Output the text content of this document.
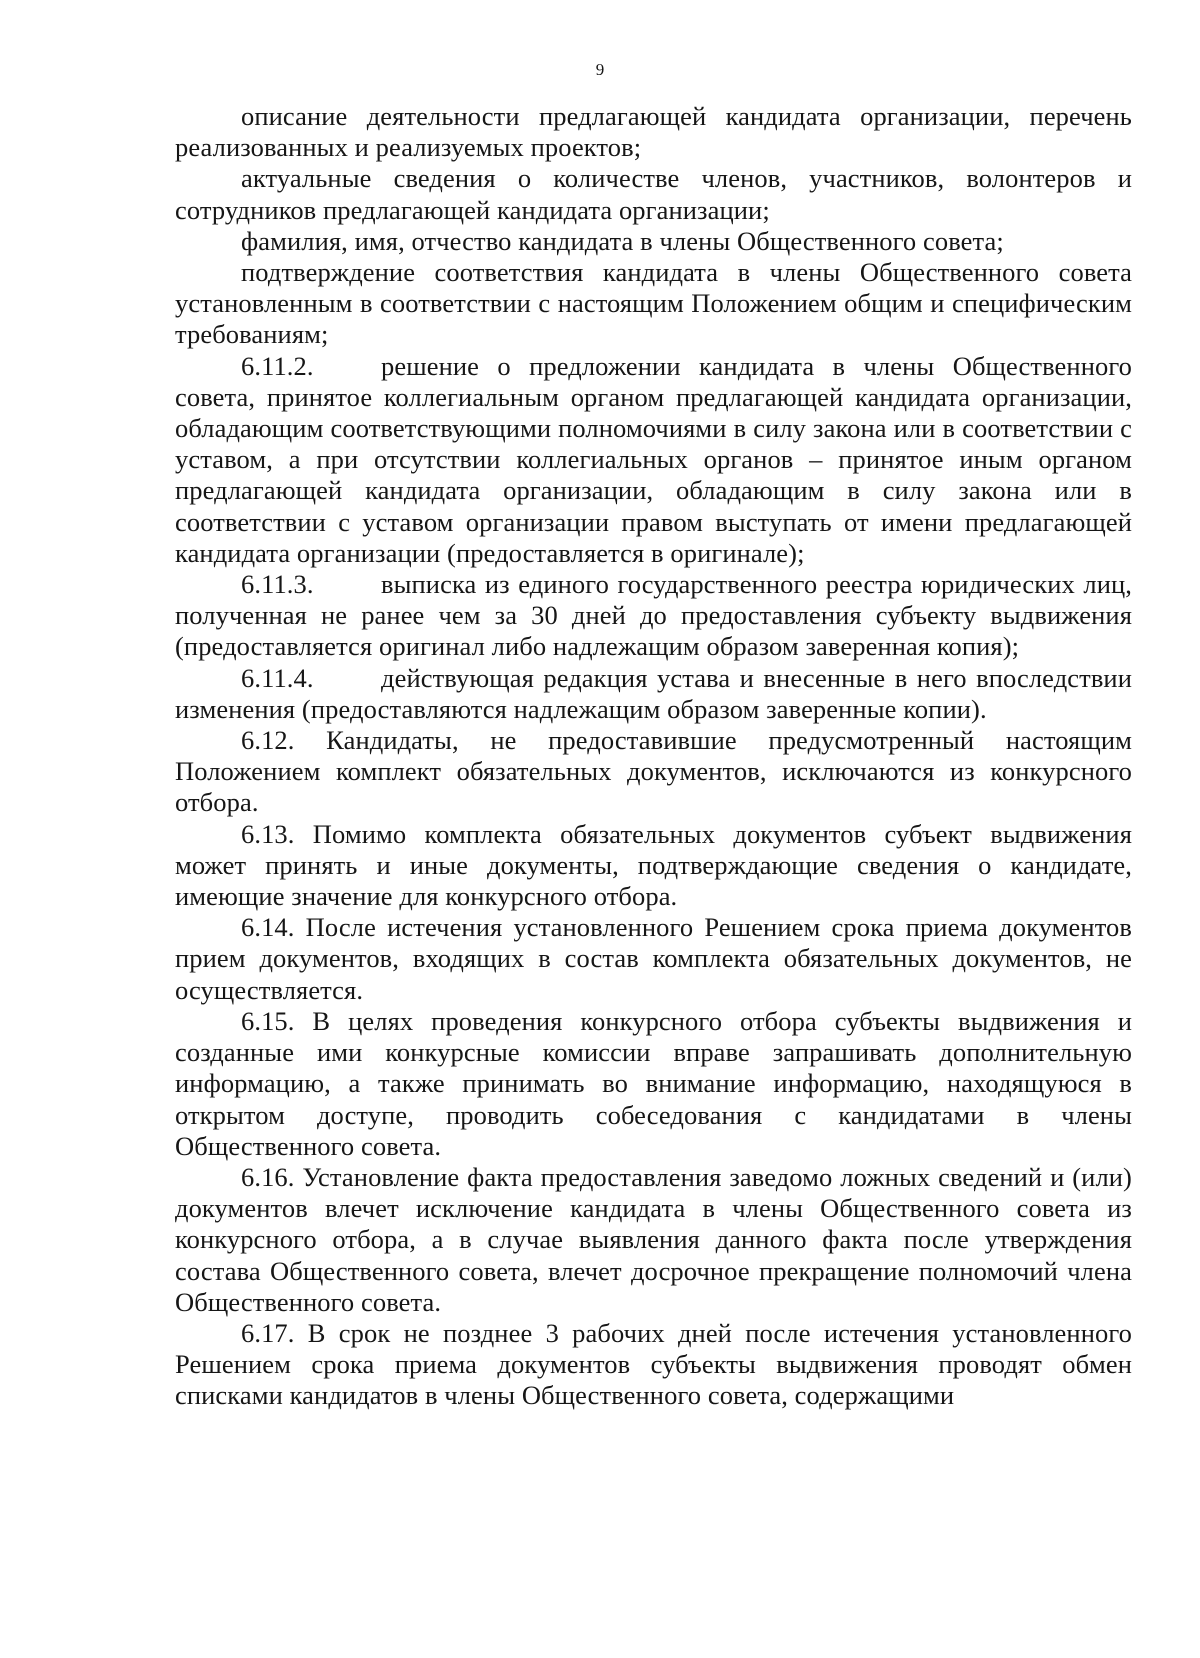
9

описание деятельности предлагающей кандидата организации, перечень реализованных и реализуемых проектов;

актуальные сведения о количестве членов, участников, волонтеров и сотрудников предлагающей кандидата организации;

фамилия, имя, отчество кандидата в члены Общественного совета;

подтверждение соответствия кандидата в члены Общественного совета установленным в соответствии с настоящим Положением общим и специфическим требованиям;

6.11.2.	решение о предложении кандидата в члены Общественного совета, принятое коллегиальным органом предлагающей кандидата организации, обладающим соответствующими полномочиями в силу закона или в соответствии с уставом, а при отсутствии коллегиальных органов – принятое иным органом предлагающей кандидата организации, обладающим в силу закона или в соответствии с уставом организации правом выступать от имени предлагающей кандидата организации (предоставляется в оригинале);

6.11.3.	выписка из единого государственного реестра юридических лиц, полученная не ранее чем за 30 дней до предоставления субъекту выдвижения (предоставляется оригинал либо надлежащим образом заверенная копия);

6.11.4.	действующая редакция устава и внесенные в него впоследствии изменения (предоставляются надлежащим образом заверенные копии).

6.12. Кандидаты, не предоставившие предусмотренный настоящим Положением комплект обязательных документов, исключаются из конкурсного отбора.

6.13. Помимо комплекта обязательных документов субъект выдвижения может принять и иные документы, подтверждающие сведения о кандидате, имеющие значение для конкурсного отбора.

6.14. После истечения установленного Решением срока приема документов прием документов, входящих в состав комплекта обязательных документов, не осуществляется.

6.15. В целях проведения конкурсного отбора субъекты выдвижения и созданные ими конкурсные комиссии вправе запрашивать дополнительную информацию, а также принимать во внимание информацию, находящуюся в открытом доступе, проводить собеседования с кандидатами в члены Общественного совета.

6.16. Установление факта предоставления заведомо ложных сведений и (или) документов влечет исключение кандидата в члены Общественного совета из конкурсного отбора, а в случае выявления данного факта после утверждения состава Общественного совета, влечет досрочное прекращение полномочий члена Общественного совета.

6.17. В срок не позднее 3 рабочих дней после истечения установленного Решением срока приема документов субъекты выдвижения проводят обмен списками кандидатов в члены Общественного совета, содержащими
